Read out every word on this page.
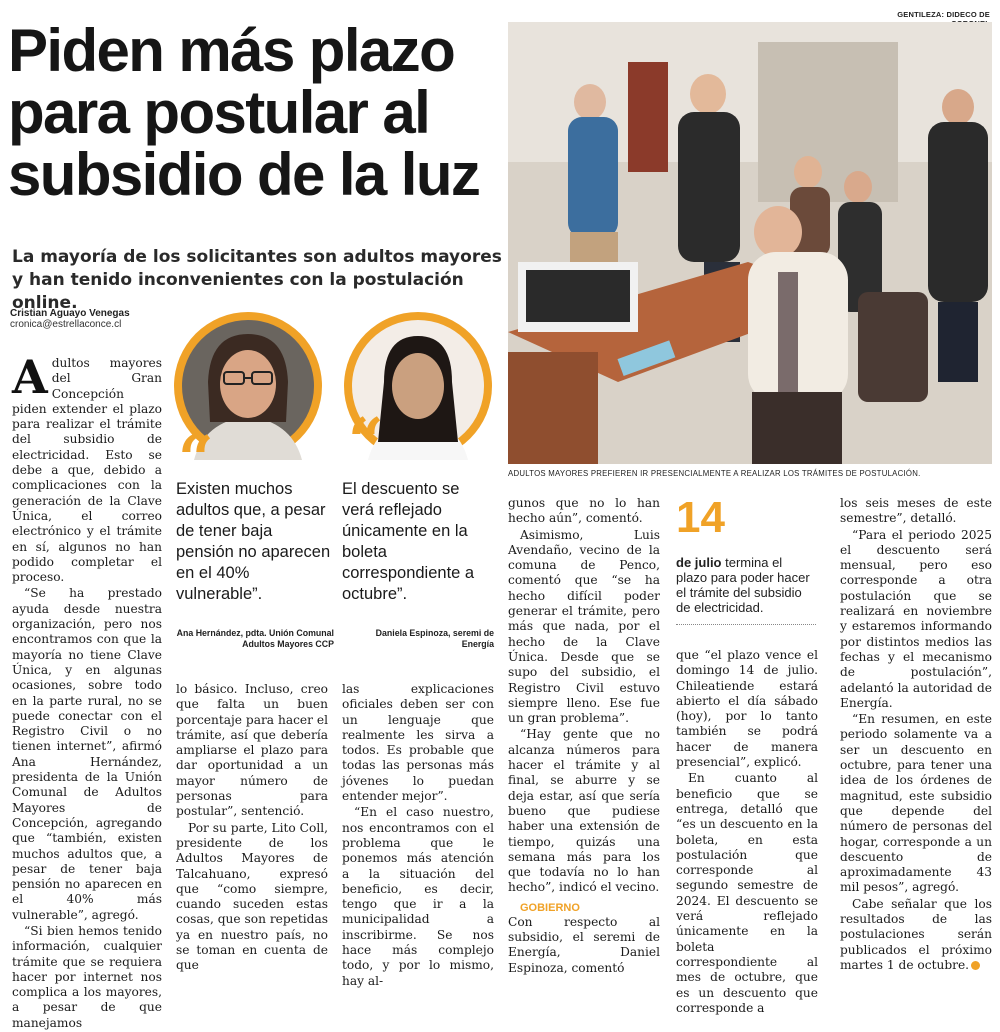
GENTILEZA: DIDECO DE
Piden más plazo para postular al subsidio de la luz
ADULTOS MAYORES PREFIEREN IR PRESENCIALMENTE A REALIZAR LOS TRÁMITES DE POSTULACIÓN.

La mayoría de los solicitantes son adultos mayores y han tenido inconvenientes con la postulación online.

Cristian Aguayo Venegas
cronica@estrellaconce.cl
A dultos mayores del Gran Concepción piden extender el plazo para realizar el trámite del subsidio de electricidad. Esto se debe a que, debido a complicaciones con la generación de la Clave Única, el correo electrónico y el trámite en sí, algunos no han podido completar el proceso.

“Se ha prestado ayuda desde nuestra organización, pero nos encontramos con que la mayoría no tiene Clave Única, y en algunas ocasiones, sobre todo en la parte rural, no se puede conectar con el Registro Civil o no tienen internet”, afirmó Ana Hernández, presidenta de la Unión Comunal de Adultos Mayores de Concepción, agregando que “también, existen muchos adultos que, a pesar de tener baja pensión no aparecen en el 40% más vulnerable”, agregó.

“Si bien hemos tenido información, cualquier trámite que se requiera hacer por internet nos complica a los mayores, a pesar de que manejamos

“

Existen muchos adultos que, a pesar de tener baja pensión no aparecen en el 40% vulnerable”.

Ana Hernández, pdta. Unión Comunal Adultos Mayores CCP
“

El descuento se verá reflejado únicamente en la boleta correspondiente a octubre”.

Daniela Espinoza, seremi de Energía

lo básico. Incluso, creo que falta un buen porcentaje para hacer el trámite, así que debería ampliarse el plazo para dar oportunidad a un mayor número de personas para postular”, sentenció.

Por su parte, Lito Coll, presidente de los Adultos Mayores de Talcahuano, expresó que “como siempre, cuando suceden estas cosas, que son repetidas ya en nuestro país, no se toman en cuenta de que

las explicaciones oficiales deben ser con un lenguaje que realmente les sirva a todos. Es probable que todas las personas más jóvenes lo puedan entender mejor”.

“En el caso nuestro, nos encontramos con el problema que le ponemos más atención a la situación del beneficio, es decir, tengo que ir a la municipalidad a inscribirme. Se nos hace más complejo todo, y por lo mismo, hay al-

gunos que no lo han hecho aún”, comentó.

Asimismo, Luis Avendaño, vecino de la comuna de Penco, comentó que “se ha hecho difícil poder generar el trámite, pero más que nada, por el hecho de la Clave Única. Desde que se supo del subsidio, el Registro Civil estuvo siempre lleno. Ese fue un gran problema”.

“Hay gente que no alcanza números para hacer el trámite y al final, se aburre y se deja estar, así que sería bueno que pudiese haber una extensión de tiempo, quizás una semana más para los que todavía no lo han hecho”, indicó el vecino.

GOBIERNO

Con respecto al subsidio, el seremi de Energía, Daniel Espinoza, comentó

14

de julio termina el plazo para poder hacer el trámite del subsidio de electricidad.

que “el plazo vence el domingo 14 de julio. Chileatiende estará abierto el día sábado (hoy), por lo tanto también se podrá hacer de manera presencial”, explicó.

En cuanto al beneficio que se entrega, detalló que “es un descuento en la boleta, en esta postulación que corresponde al segundo semestre de 2024. El descuento se verá reflejado únicamente en la boleta correspondiente al mes de octubre, que es un descuento que corresponde a

los seis meses de este semestre”, detalló.

“Para el periodo 2025 el descuento será mensual, pero eso corresponde a otra postulación que se realizará en noviembre y estaremos informando por distintos medios las fechas y el mecanismo de postulación”, adelantó la autoridad de Energía.

“En resumen, en este periodo solamente va a ser un descuento en octubre, para tener una idea de los órdenes de magnitud, este subsidio que depende del número de personas del hogar, corresponde a un descuento de aproximadamente 43 mil pesos”, agregó.

Cabe señalar que los resultados de las postulaciones serán publicados el próximo martes 1 de octubre.
